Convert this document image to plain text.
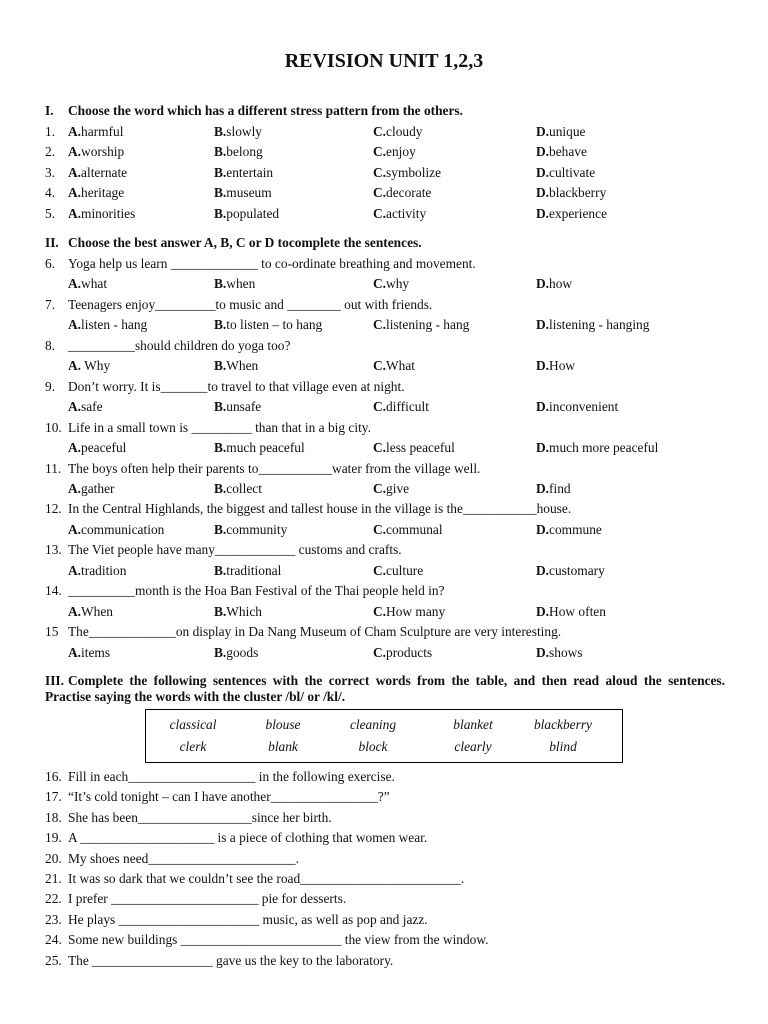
REVISION UNIT 1,2,3
I. Choose the word which has a different stress pattern from the others.
1. A.harmful	B.slowly	C.cloudy	D.unique
2. A.worship	B.belong	C.enjoy	D.behave
3. A.alternate	B.entertain	C.symbolize	D.cultivate
4. A.heritage	B.museum	C.decorate	D.blackberry
5. A.minorities	B.populated	C.activity	D.experience
II. Choose the best answer A, B, C or D tocomplete the sentences.
6. Yoga help us learn _____________ to co-ordinate breathing and movement.
A.what	B.when	C.why	D.how
7. Teenagers enjoy_________to music and ________ out with friends.
A.listen - hang	B.to listen – to hang	C.listening - hang	D.listening - hanging
8. __________should children do yoga too?
A. Why	B.When	C.What	D.How
9. Don’t worry. It is_______to travel to that village even at night.
A.safe	B.unsafe	C.difficult	D.inconvenient
10. Life in a small town is _________ than that in a big city.
A.peaceful	B.much peaceful	C.less peaceful	D.much more peaceful
11. The boys often help their parents to___________water from the village well.
A.gather	B.collect	C.give	D.find
12. In the Central Highlands, the biggest and tallest house in the village is the___________house.
A.communication	B.community	C.communal	D.commune
13. The Viet people have many____________ customs and crafts.
A.tradition	B.traditional	C.culture	D.customary
14. __________month is the Hoa Ban Festival of the Thai people held in?
A.When	B.Which	C.How many	D.How often
15 The_____________on display in Da Nang Museum of Cham Sculpture are very interesting.
A.items	B.goods	C.products	D.shows
III. Complete the following sentences with the correct words from the table, and then read aloud the sentences. Practise saying the words with the cluster /bl/ or /kl/.
classical	blouse	cleaning	blanket	blackberry
clerk	blank	block	clearly	blind
16. Fill in each___________________ in the following exercise.
17. “It’s cold tonight – can I have another________________?”
18. She has been_________________since her birth.
19. A ____________________ is a piece of clothing that women wear.
20. My shoes need______________________.
21. It was so dark that we couldn’t see the road________________________.
22. I prefer ______________________ pie for desserts.
23. He plays _____________________ music, as well as pop and jazz.
24. Some new buildings ________________________ the view from the window.
25. The __________________ gave us the key to the laboratory.
